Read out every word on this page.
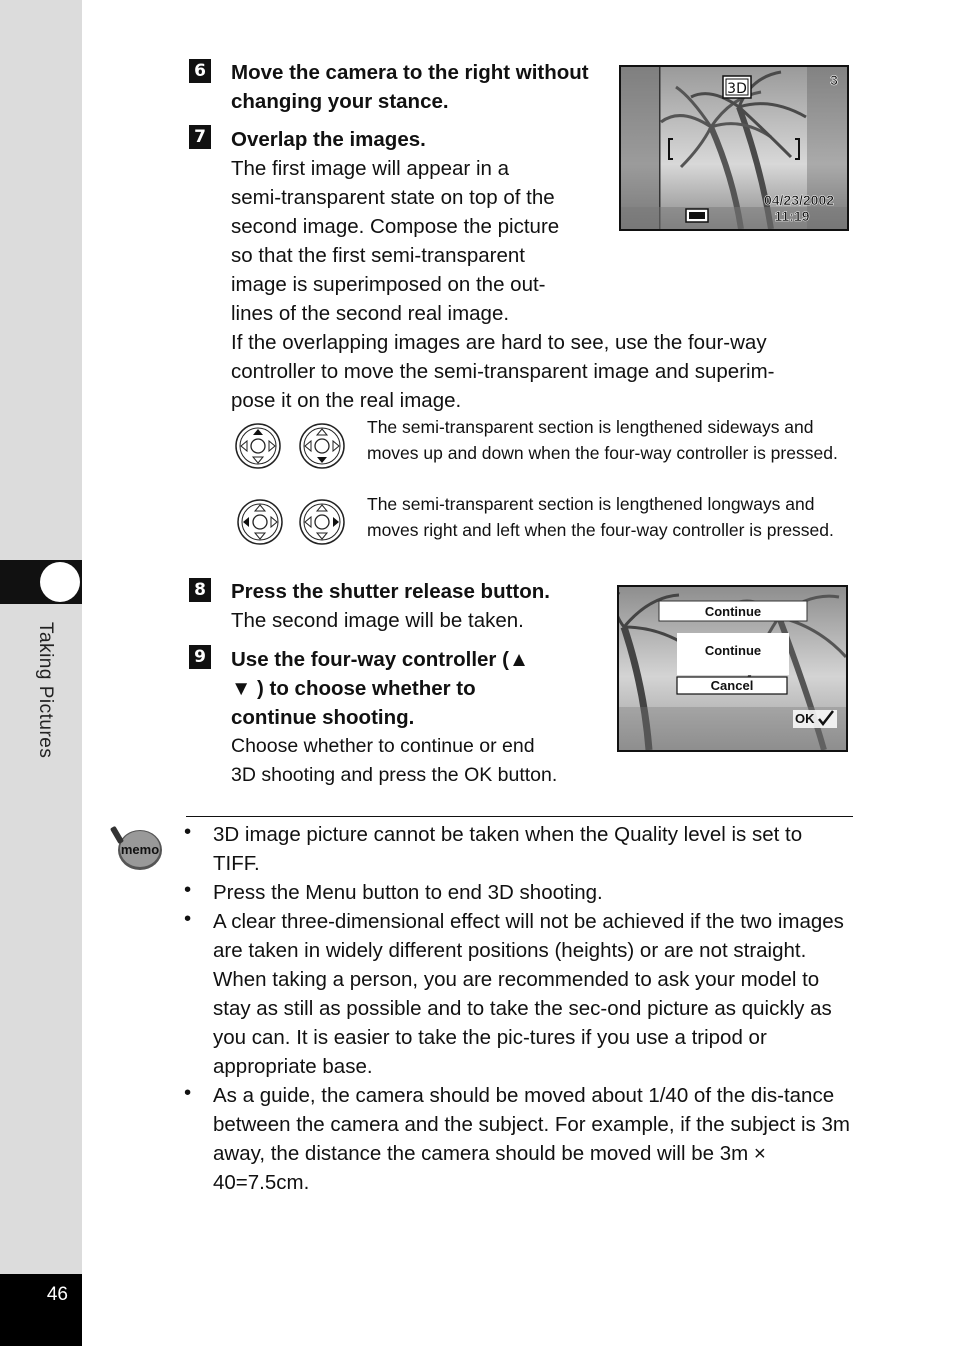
Taking Pictures
46
6 Move the camera to the right without changing your stance.
7 Overlap the images.
The first image will appear in a
semi-transparent state on top of the
second image. Compose the picture
so that the first semi-transparent
image is superimposed on the out-
lines of the second real image.
If the overlapping images are hard to see, use the four-way
controller to move the semi-transparent image and superim-
pose it on the real image.
3D
3
04/23/2002
11:19
The semi-transparent section is lengthened sideways and moves up and down when the four-way controller is pressed.
The semi-transparent section is lengthened longways and moves right and left when the four-way controller is pressed.
8 Press the shutter release button.
The second image will be taken.	Continue
Continue
Cancel
OK
9 Use the four-way controller (▲
▼ ) to choose whether to
continue shooting.
Choose whether to continue or end
3D shooting and press the OK button.
memo
• 3D image picture cannot be taken when the Quality level is set to TIFF.
• Press the Menu button to end 3D shooting.
• A clear three-dimensional effect will not be achieved if the two images are taken in widely different positions (heights) or are not straight. When taking a person, you are recommended to ask your model to stay as still as possible and to take the sec-ond picture as quickly as you can. It is easier to take the pic-tures if you use a tripod or appropriate base.
• As a guide, the camera should be moved about 1/40 of the dis-tance between the camera and the subject. For example, if the subject is 3m away, the distance the camera should be moved will be 3m × 40=7.5cm.
